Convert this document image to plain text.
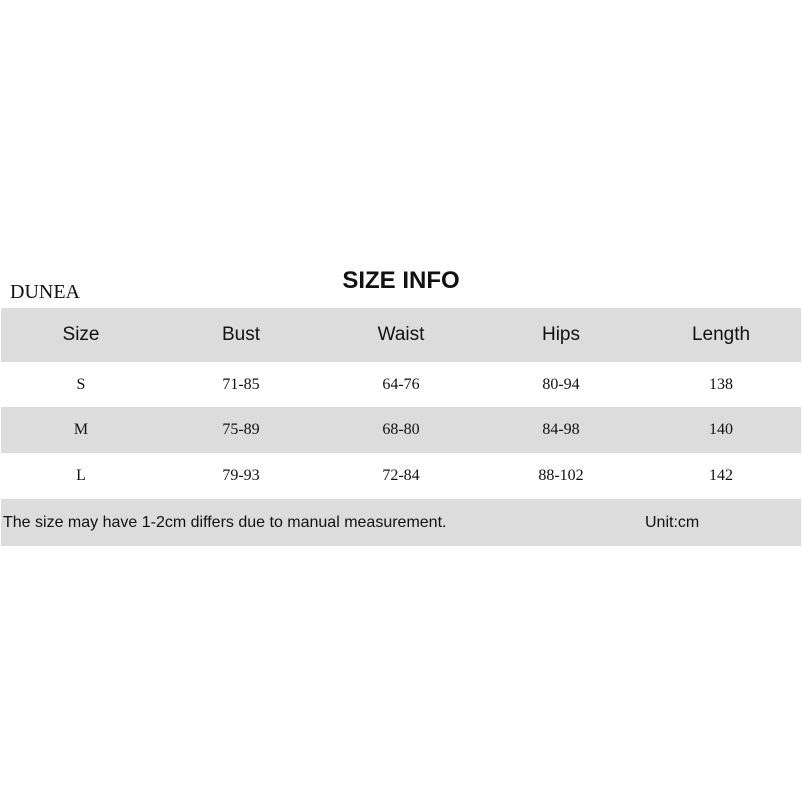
DUNEA	SIZE INFO
Size	Bust	Waist	Hips	Length
S	71-85	64-76	80-94	138
M	75-89	68-80	84-98	140
L	79-93	72-84	88-102	142
The size may have 1-2cm differs due to manual measurement.	Unit:cm
